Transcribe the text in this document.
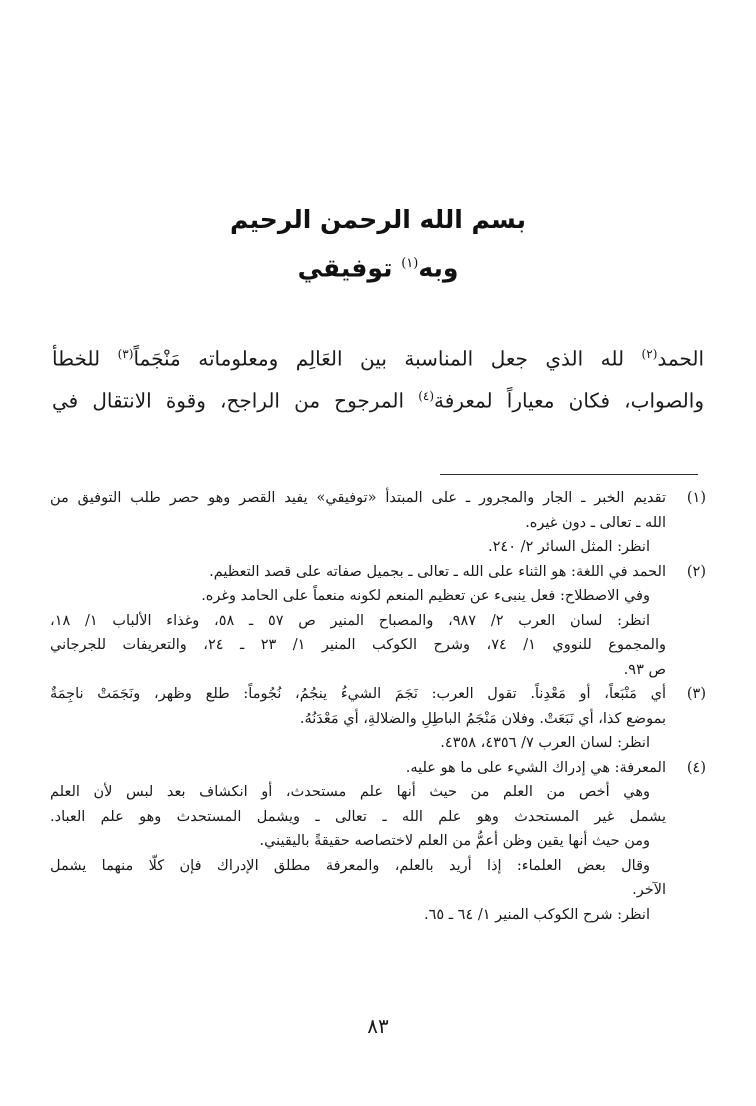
بسم الله الرحمن الرحيم
وبه$^{(١)}$ توفيقي
الحمد$^{(٢)}$ لله الذي جعل المناسبة بين العَالِم ومعلوماته مَنْجَماً$^{(٣)}$ للخطأ
والصواب، فكان معياراً لمعرفة$^{(٤)}$ المرجوح من الراجح، وقوة الانتقال في
(١)تقديم الخبر ـ الجار والمجرور ـ على المبتدأ «توفيقي» يفيد القصر وهو حصر طلب التوفيق من
الله ـ تعالى ـ دون غيره.
انظر: المثل السائر ٢/ ٢٤٠.
(٢)الحمد في اللغة: هو الثناء على الله ـ تعالى ـ بجميل صفاته على قصد التعظيم.
وفي الاصطلاح: فعل ينبىء عن تعظيم المنعم لكونه منعماً على الحامد وغره.
انظر: لسان العرب ٢/ ٩٨٧، والمصباح المنير ص ٥٧ ـ ٥٨، وغذاء الألباب ١/ ١٨،
والمجموع للنووي ١/ ٧٤، وشرح الكوكب المنير ١/ ٢٣ ـ ٢٤، والتعريفات للجرجاني
ص ٩٣.
(٣)أي مَنْبَعاً، أو مَعْدِناً. تقول العرب: نَجَمَ الشيءُ ينجُمُ، نُجُوماً: طلع وظهر، ونَجَمَتْ ناجِمَةٌ
بموضع كذا، أي نَبَعَتْ. وفلان مَنْجَمُ الباطِلِ والضلالةِ، أي مَعْدَنُهُ.
انظر: لسان العرب ٧/ ٤٣٥٦، ٤٣٥٨.
(٤)المعرفة: هي إدراك الشيء على ما هو عليه.
وهي أخص من العلم من حيث أنها علم مستحدث، أو انكشاف بعد لبس لأن العلم
يشمل غير المستحدث وهو علم الله ـ تعالى ـ ويشمل المستحدث وهو علم العباد.
ومن حيث أنها يقين وظن أعمُّ من العلم لاختصاصه حقيقةً باليقيني.
وقال بعض العلماء: إذا أريد بالعلم، والمعرفة مطلق الإدراك فإن كلًّا منهما يشمل
الآخر.
انظر: شرح الكوكب المنير ١/ ٦٤ ـ ٦٥.
٨٣
